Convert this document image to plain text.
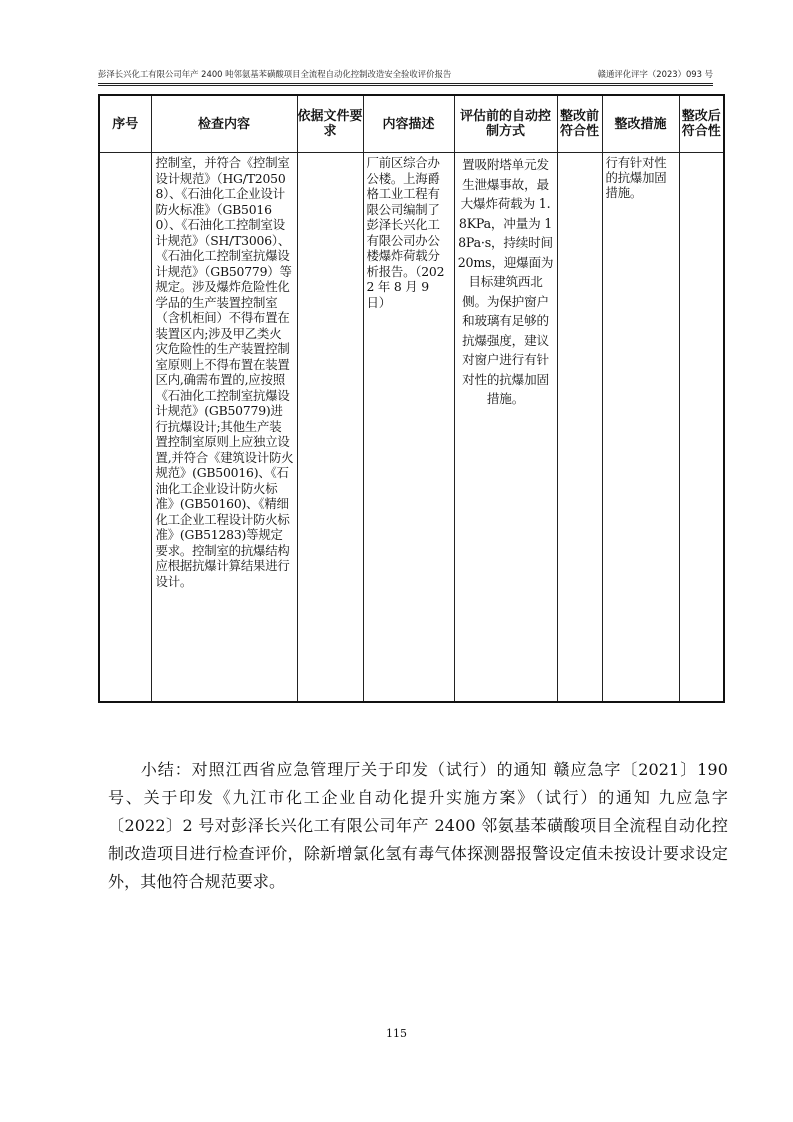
彭泽长兴化工有限公司年产 2400 吨邻氨基苯磺酸项目全流程自动化控制改造安全验收评价报告	赣通评化评字（2023）093 号
序号	检查内容	依据文件要求	内容描述	评估前的自动控制方式	整改前符合性	整改措施	整改后符合性

	控制室，并符合《控制室设计规范》（HG/T20508）、《石油化工企业设计防火标准》（GB50160）、《石油化工控制室设计规范》（SH/T3006）、《石油化工控制室抗爆设计规范》（GB50779）等规定。涉及爆炸危险性化学品的生产装置控制室（含机柜间）不得布置在装置区内;涉及甲乙类火灾危险性的生产装置控制室原则上不得布置在装置区内,确需布置的,应按照《石油化工控制室抗爆设计规范》(GB50779)进行抗爆设计;其他生产装置控制室原则上应独立设置,并符合《建筑设计防火规范》(GB50016)、《石油化工企业设计防火标准》(GB50160)、《精细化工企业工程设计防火标准》(GB51283)等规定要求。控制室的抗爆结构应根据抗爆计算结果进行设计。		厂前区综合办公楼。上海爵格工业工程有限公司编制了彭泽长兴化工有限公司办公楼爆炸荷载分析报告。（2022 年 8 月 9 日）	置吸附塔单元发生泄爆事故，最大爆炸荷载为 1.8KPa，冲量为 18Pa·s，持续时间 20ms，迎爆面为目标建筑西北侧。为保护窗户和玻璃有足够的抗爆强度，建议对窗户进行有针对性的抗爆加固措施。		行有针对性的抗爆加固措施。	

小结：对照江西省应急管理厅关于印发（试行）的通知 赣应急字〔2021〕190 号、关于印发《九江市化工企业自动化提升实施方案》（试行）的通知 九应急字〔2022〕2 号对彭泽长兴化工有限公司年产 2400 邻氨基苯磺酸项目全流程自动化控制改造项目进行检查评价，除新增氯化氢有毒气体探测器报警设定值未按设计要求设定外，其他符合规范要求。
115
